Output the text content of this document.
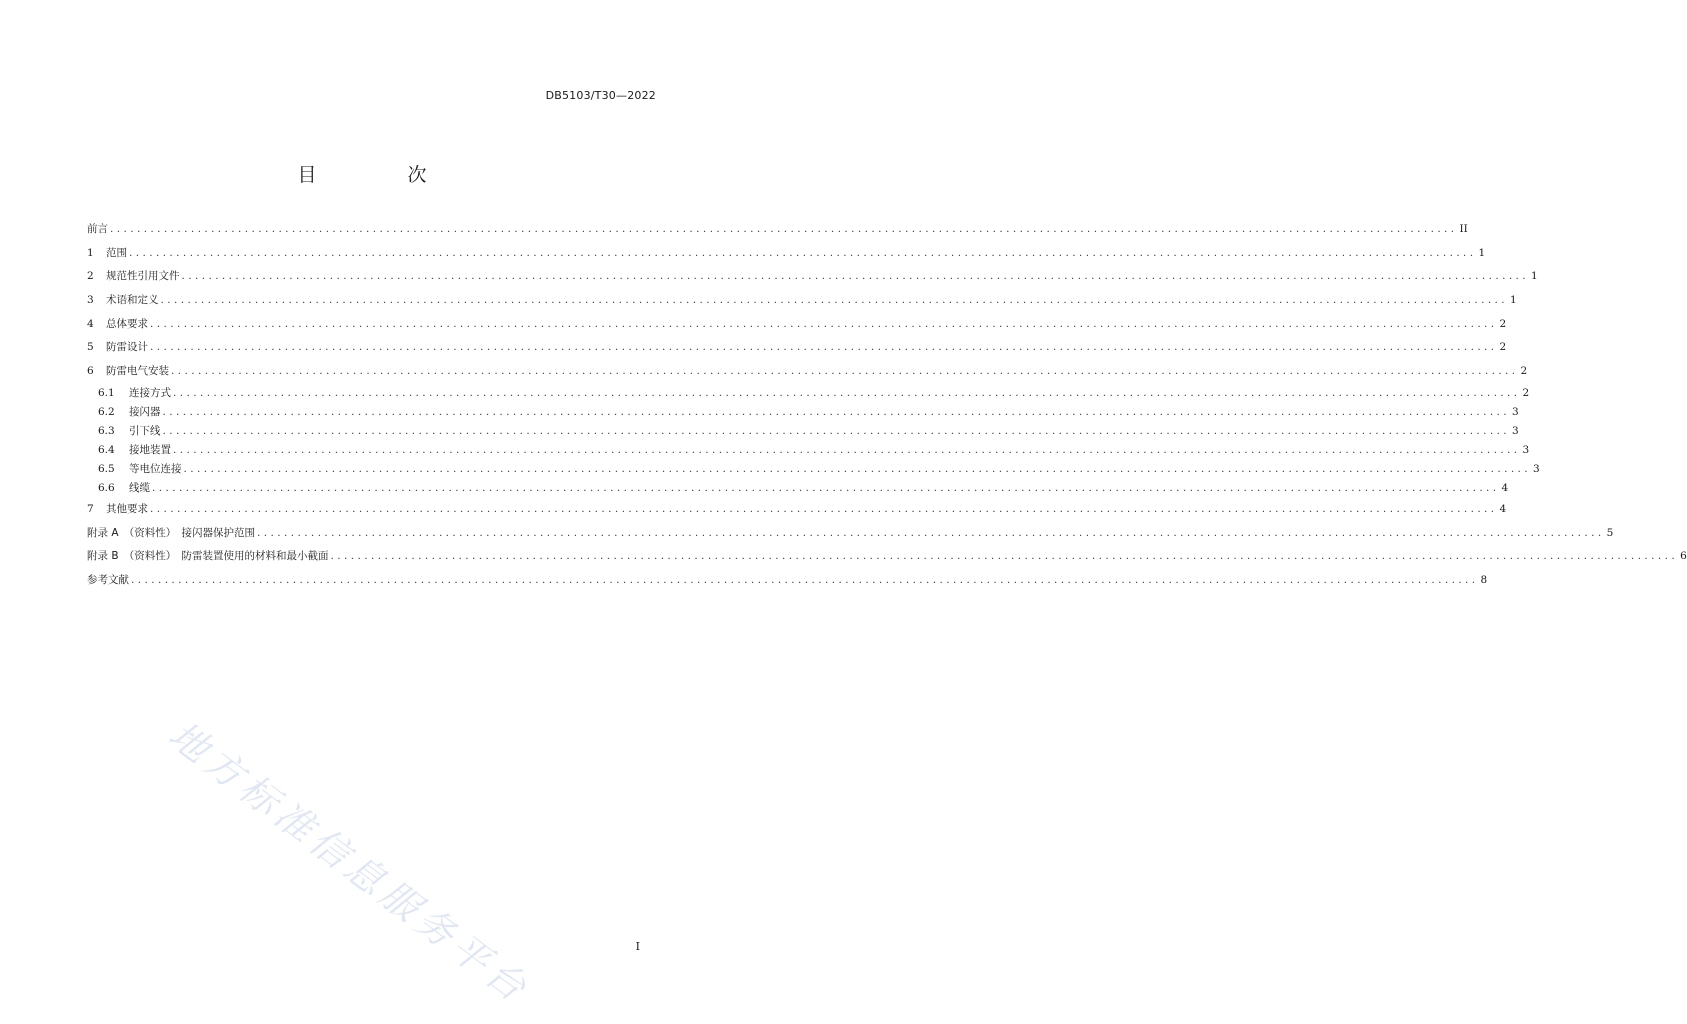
DB5103/T30—2022
目　次
前言 ........................................................................................................................................................................................................ II
1	范围 ........................................................................................................................................................................................................ 1
2	规范性引用文件 ........................................................................................................................................................................................................ 1
3	术语和定义 ........................................................................................................................................................................................................ 1
4	总体要求 ........................................................................................................................................................................................................ 2
5	防雷设计 ........................................................................................................................................................................................................ 2
6	防雷电气安装 ........................................................................................................................................................................................................ 2
6.1	连接方式 ........................................................................................................................................................................................................ 2
6.2	接闪器 ........................................................................................................................................................................................................ 3
6.3	引下线 ........................................................................................................................................................................................................ 3
6.4	接地装置 ........................................................................................................................................................................................................ 3
6.5	等电位连接 ........................................................................................................................................................................................................ 3
6.6	线缆 ........................................................................................................................................................................................................ 4
7	其他要求 ........................................................................................................................................................................................................ 4
附录 A　（资料性）　接闪器保护范围 ........................................................................................................................................................................................................ 5
附录 B　（资料性）　防雷装置使用的材料和最小截面 ........................................................................................................................................................................................................ 6
参考文献 ........................................................................................................................................................................................................ 8
地方标准信息服务平台	I
